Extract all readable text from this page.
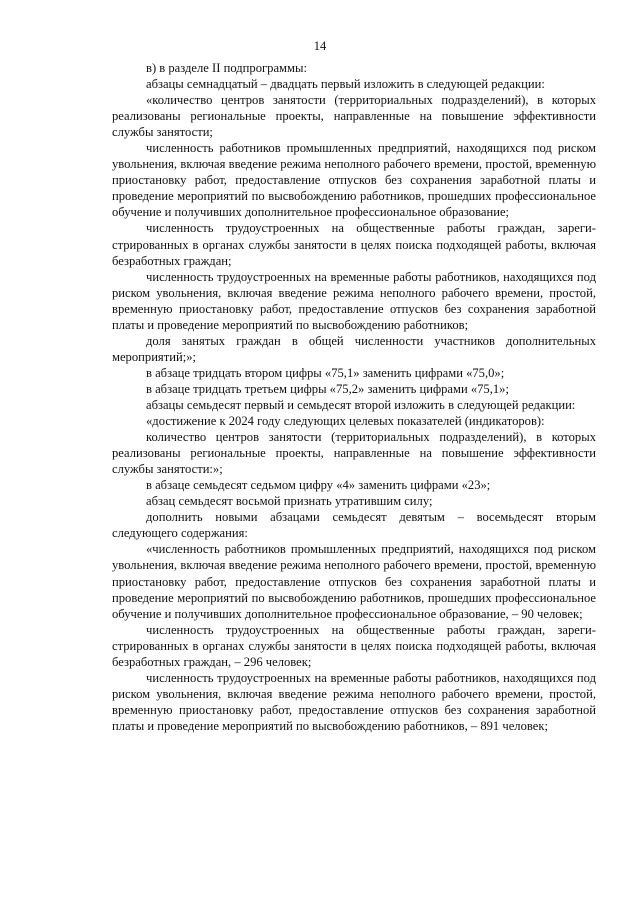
14

в) в разделе II подпрограммы:

абзацы семнадцатый – двадцать первый изложить в следующей редакции:

«количество центров занятости (территориальных подразделений), в которых реализованы региональные проекты, направленные на повышение эффективности службы занятости;

численность работников промышленных предприятий, находящихся под риском увольнения, включая введение режима неполного рабочего времени, простой, временную приостановку работ, предоставление отпусков без сохранения заработной платы и проведение мероприятий по высвобождению работников, прошедших профессиональное обучение и получивших дополнительное профессиональное образование;

численность трудоустроенных на общественные работы граждан, зарегистрированных в органах службы занятости в целях поиска подходящей работы, включая безработных граждан;

численность трудоустроенных на временные работы работников, находящихся под риском увольнения, включая введение режима неполного рабочего времени, простой, временную приостановку работ, предоставление отпусков без сохранения заработной платы и проведение мероприятий по высвобождению работников;

доля занятых граждан в общей численности участников дополнительных мероприятий;»;

в абзаце тридцать втором цифры «75,1» заменить цифрами «75,0»;

в абзаце тридцать третьем цифры «75,2» заменить цифрами «75,1»;

абзацы семьдесят первый и семьдесят второй изложить в следующей редакции:

«достижение к 2024 году следующих целевых показателей (индикаторов):

количество центров занятости (территориальных подразделений), в которых реализованы региональные проекты, направленные на повышение эффективности службы занятости:»;

в абзаце семьдесят седьмом цифру «4» заменить цифрами «23»;

абзац семьдесят восьмой признать утратившим силу;

дополнить новыми абзацами семьдесят девятым – восемьдесят вторым следующего содержания:

«численность работников промышленных предприятий, находящихся под риском увольнения, включая введение режима неполного рабочего времени, простой, временную приостановку работ, предоставление отпусков без сохранения заработной платы и проведение мероприятий по высвобождению работников, прошедших профессиональное обучение и получивших дополнительное профессиональное образование, – 90 человек;

численность трудоустроенных на общественные работы граждан, зарегистрированных в органах службы занятости в целях поиска подходящей работы, включая безработных граждан, – 296 человек;

численность трудоустроенных на временные работы работников, находящихся под риском увольнения, включая введение режима неполного рабочего времени, простой, временную приостановку работ, предоставление отпусков без сохранения заработной платы и проведение мероприятий по высвобождению работников, – 891 человек;
